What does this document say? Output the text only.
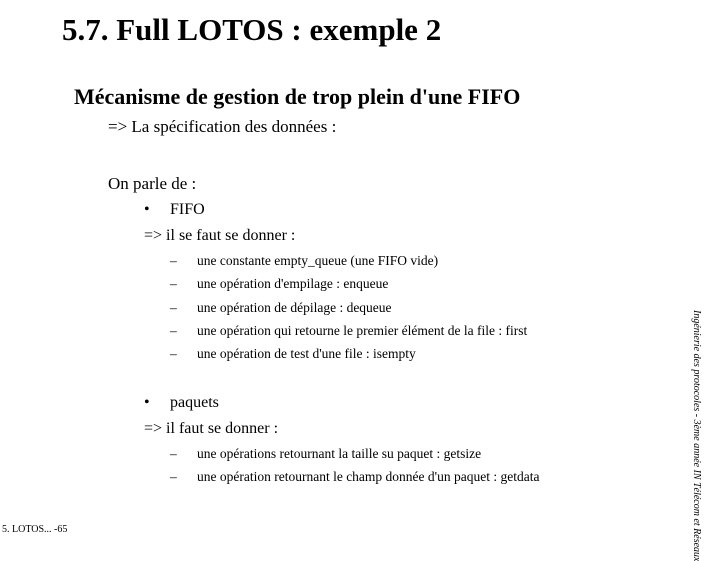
5.7. Full LOTOS : exemple 2
Mécanisme de gestion de trop plein d'une FIFO
=> La spécification des données :
On parle de :
• FIFO
=> il se faut se donner :
– une constante empty_queue (une FIFO vide)
– une opération d'empilage : enqueue
– une opération de dépilage : dequeue
– une opération qui retourne le premier élément de la file : first
– une opération de test d'une file : isempty
• paquets
=> il faut se donner :
– une opérations retournant la taille su paquet : getsize
– une opération retournant le champ donnée d'un paquet : getdata
5. LOTOS... -65	Ingénierie des protocoles - 3ème année IN Télécom et Réseaux
